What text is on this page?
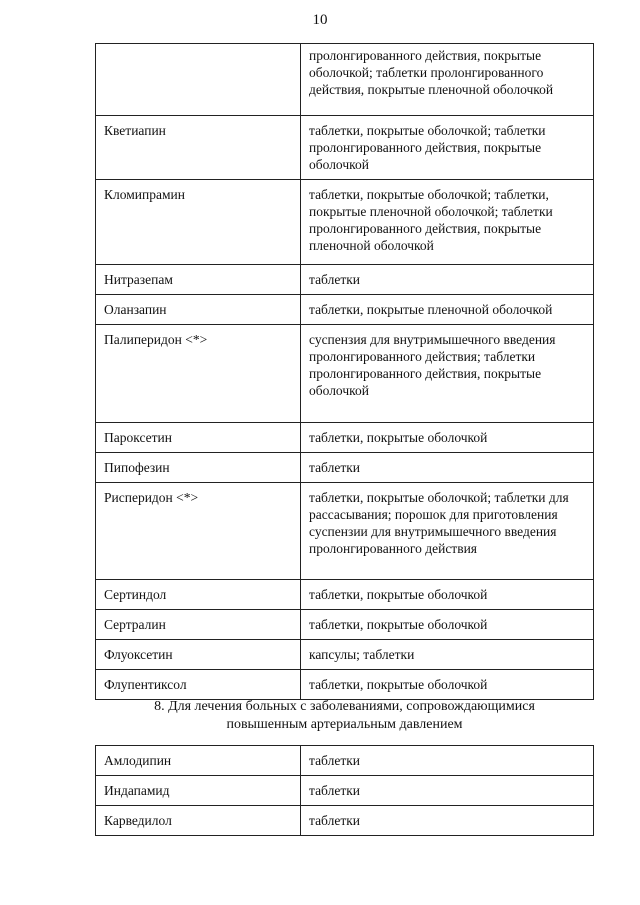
10
	пролонгированного действия, покрытые оболочкой; таблетки пролонгированного действия, покрытые пленочной оболочкой
Кветиапин	таблетки, покрытые оболочкой; таблетки пролонгированного действия, покрытые оболочкой
Кломипрамин	таблетки, покрытые оболочкой; таблетки, покрытые пленочной оболочкой; таблетки пролонгированного действия, покрытые пленочной оболочкой
Нитразепам	таблетки
Оланзапин	таблетки, покрытые пленочной оболочкой
Палиперидон <*>	суспензия для внутримышечного введения пролонгированного действия; таблетки пролонгированного действия, покрытые оболочкой
Пароксетин	таблетки, покрытые оболочкой
Пипофезин	таблетки
Рисперидон <*>	таблетки, покрытые оболочкой; таблетки для рассасывания; порошок для приготовления суспензии для внутримышечного введения пролонгированного действия
Сертиндол	таблетки, покрытые оболочкой
Сертралин	таблетки, покрытые оболочкой
Флуоксетин	капсулы; таблетки
Флупентиксол	таблетки, покрытые оболочкой
8. Для лечения больных с заболеваниями, сопровождающимися
повышенным артериальным давлением
Амлодипин	таблетки
Индапамид	таблетки
Карведилол	таблетки
